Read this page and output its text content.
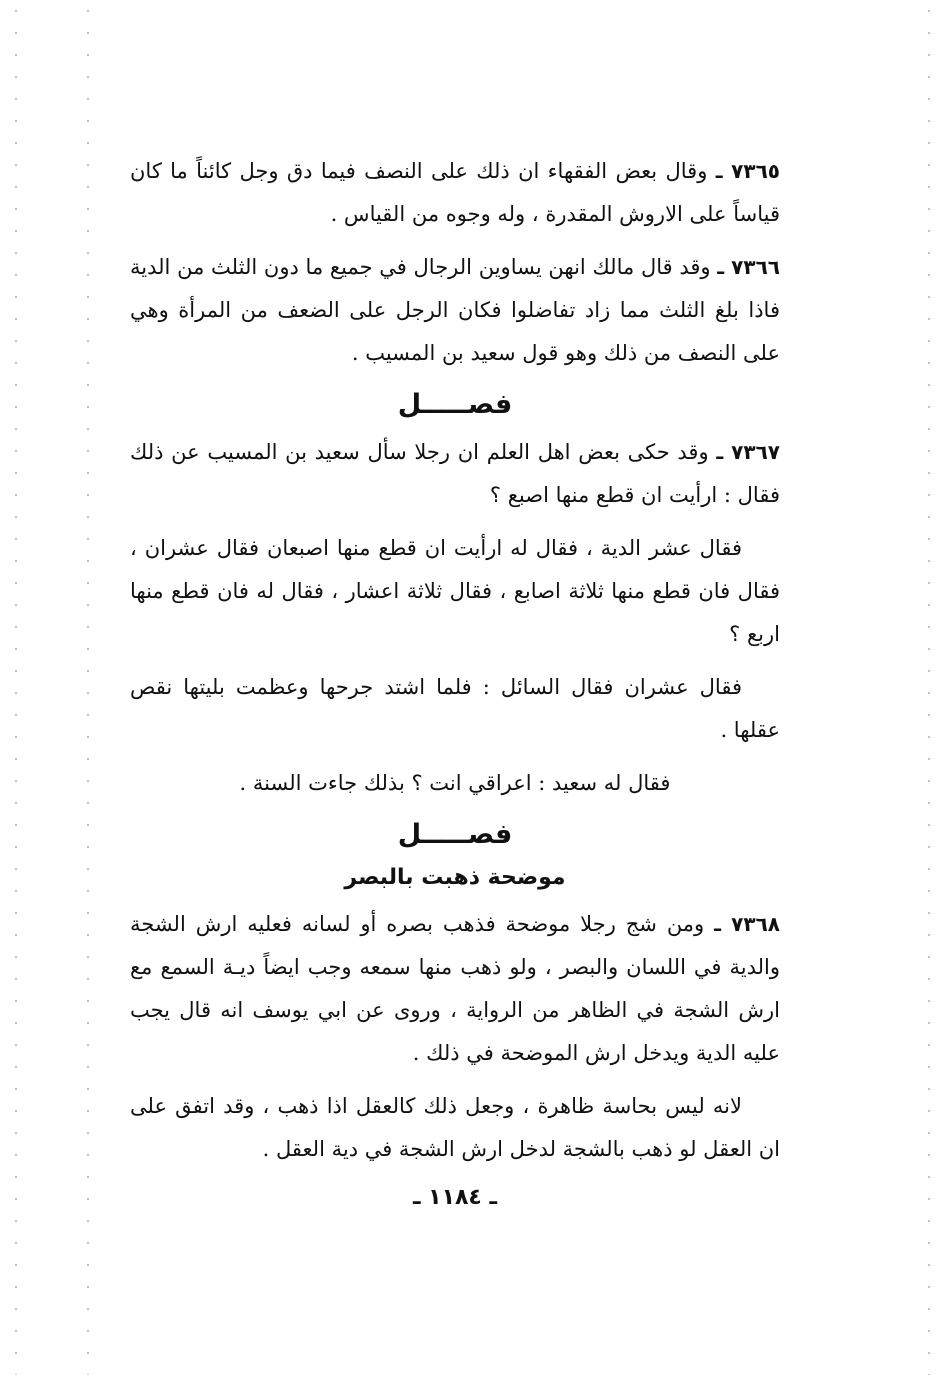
٧٣٦٥ ـ وقال بعض الفقهاء ان ذلك على النصف فيما دق وجل كائناً ما كان قياساً على الاروش المقدرة ، وله وجوه من القياس .

٧٣٦٦ ـ وقد قال مالك انهن يساوين الرجال في جميع ما دون الثلث من الدية فاذا بلغ الثلث مما زاد تفاضلوا فكان الرجل على الضعف من المرأة وهي على النصف من ذلك وهو قول سعيد بن المسيب .

فصـــــل

٧٣٦٧ ـ وقد حكى بعض اهل العلم ان رجلا سأل سعيد بن المسيب عن ذلك فقال : ارأيت ان قطع منها اصبع ؟

فقال عشر الدية ، فقال له ارأيت ان قطع منها اصبعان فقال عشران ، فقال فان قطع منها ثلاثة اصابع ، فقال ثلاثة اعشار ، فقال له فان قطع منها اربع ؟

فقال عشران فقال السائل : فلما اشتد جرحها وعظمت بليتها نقص عقلها .

فقال له سعيد : اعراقي انت ؟ بذلك جاءت السنة .

فصـــــل
موضحة ذهبت بالبصر

٧٣٦٨ ـ ومن شج رجلا موضحة فذهب بصره أو لسانه فعليه ارش الشجة والدية في اللسان والبصر ، ولو ذهب منها سمعه وجب ايضاً ديـة السمع مع ارش الشجة في الظاهر من الرواية ، وروى عن ابي يوسف انه قال يجب عليه الدية ويدخل ارش الموضحة في ذلك .

لانه ليس بحاسة ظاهرة ، وجعل ذلك كالعقل اذا ذهب ، وقد اتفق على ان العقل لو ذهب بالشجة لدخل ارش الشجة في دية العقل .

ـ ١١٨٤ ـ
